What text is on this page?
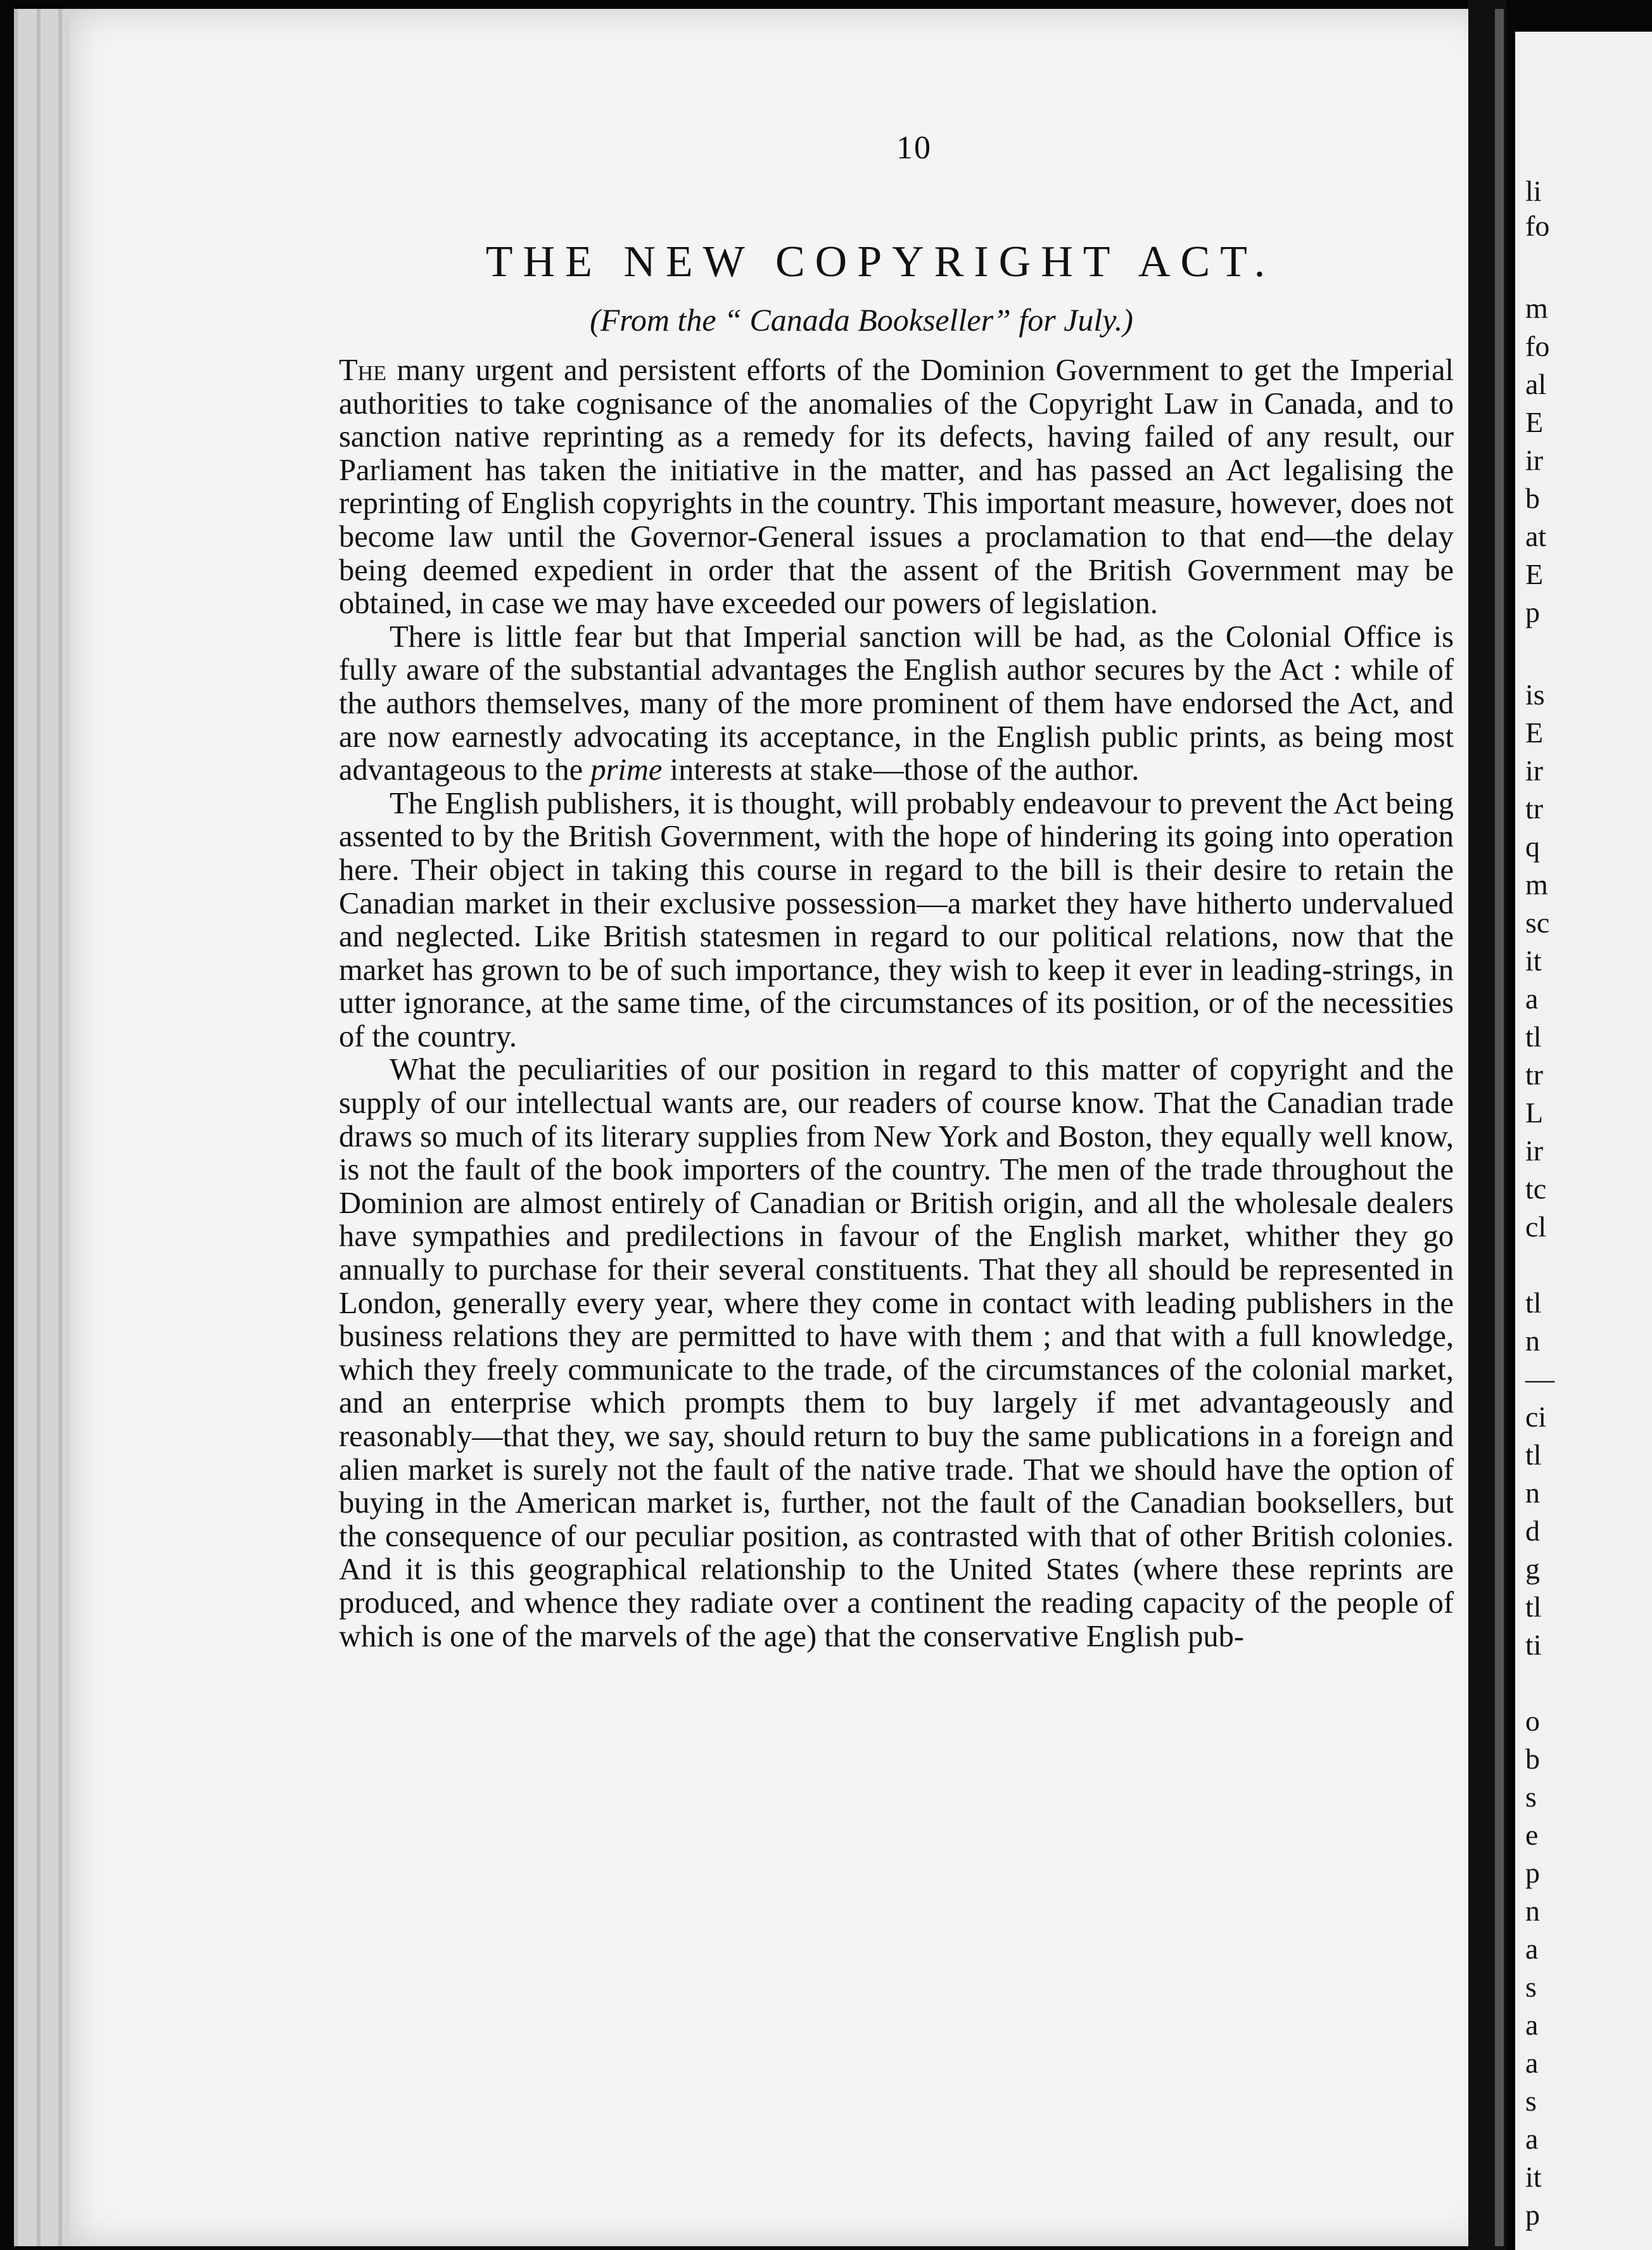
10
THE NEW COPYRIGHT ACT.
(From the “ Canada Bookseller” for July.)

The many urgent and persistent efforts of the Dominion Government to get the Imperial authorities to take cognisance of the anomalies of the Copyright Law in Canada, and to sanction native reprinting as a remedy for its defects, having failed of any result, our Parliament has taken the initiative in the matter, and has passed an Act legalising the reprinting of English copyrights in the country. This important measure, however, does not become law until the Governor-General issues a proclamation to that end—the delay being deemed expedient in order that the assent of the British Government may be obtained, in case we may have exceeded our powers of legislation.

There is little fear but that Imperial sanction will be had, as the Colonial Office is fully aware of the substantial advantages the English author secures by the Act : while of the authors themselves, many of the more prominent of them have endorsed the Act, and are now earnestly advocating its acceptance, in the English public prints, as being most advantageous to the prime interests at stake—those of the author.

The English publishers, it is thought, will probably endeavour to prevent the Act being assented to by the British Government, with the hope of hindering its going into operation here. Their object in taking this course in regard to the bill is their desire to retain the Canadian market in their exclusive possession—a market they have hitherto undervalued and neglected. Like British statesmen in regard to our political relations, now that the market has grown to be of such importance, they wish to keep it ever in leading-strings, in utter ignorance, at the same time, of the circumstances of its position, or of the necessities of the country.

What the peculiarities of our position in regard to this matter of copyright and the supply of our intellectual wants are, our readers of course know. That the Canadian trade draws so much of its literary supplies from New York and Boston, they equally well know, is not the fault of the book importers of the country. The men of the trade throughout the Dominion are almost entirely of Canadian or British origin, and all the wholesale dealers have sympathies and predilections in favour of the English market, whither they go annually to purchase for their several constituents. That they all should be represented in London, generally every year, where they come in contact with leading publishers in the business relations they are permitted to have with them ; and that with a full knowledge, which they freely communicate to the trade, of the circumstances of the colonial market, and an enterprise which prompts them to buy largely if met advantageously and reasonably—that they, we say, should return to buy the same publications in a foreign and alien market is surely not the fault of the native trade. That we should have the option of buying in the American market is, further, not the fault of the Canadian booksellers, but the consequence of our peculiar position, as contrasted with that of other British colonies. And it is this geographical relationship to the United States (where these reprints are produced, and whence they radiate over a continent the reading capacity of the people of which is one of the marvels of the age) that the conservative English pub-

li
fo
m
fo
al
E
ir
b
at
E
p
is
E
ir
tr
q
m
sc
it
a
tl
tr
L
ir
tc
cl
tl
n
—
ci
tl
n
d
g
tl
ti
o
b
s
e
p
n
a
s
a
a
s
a
it
p
